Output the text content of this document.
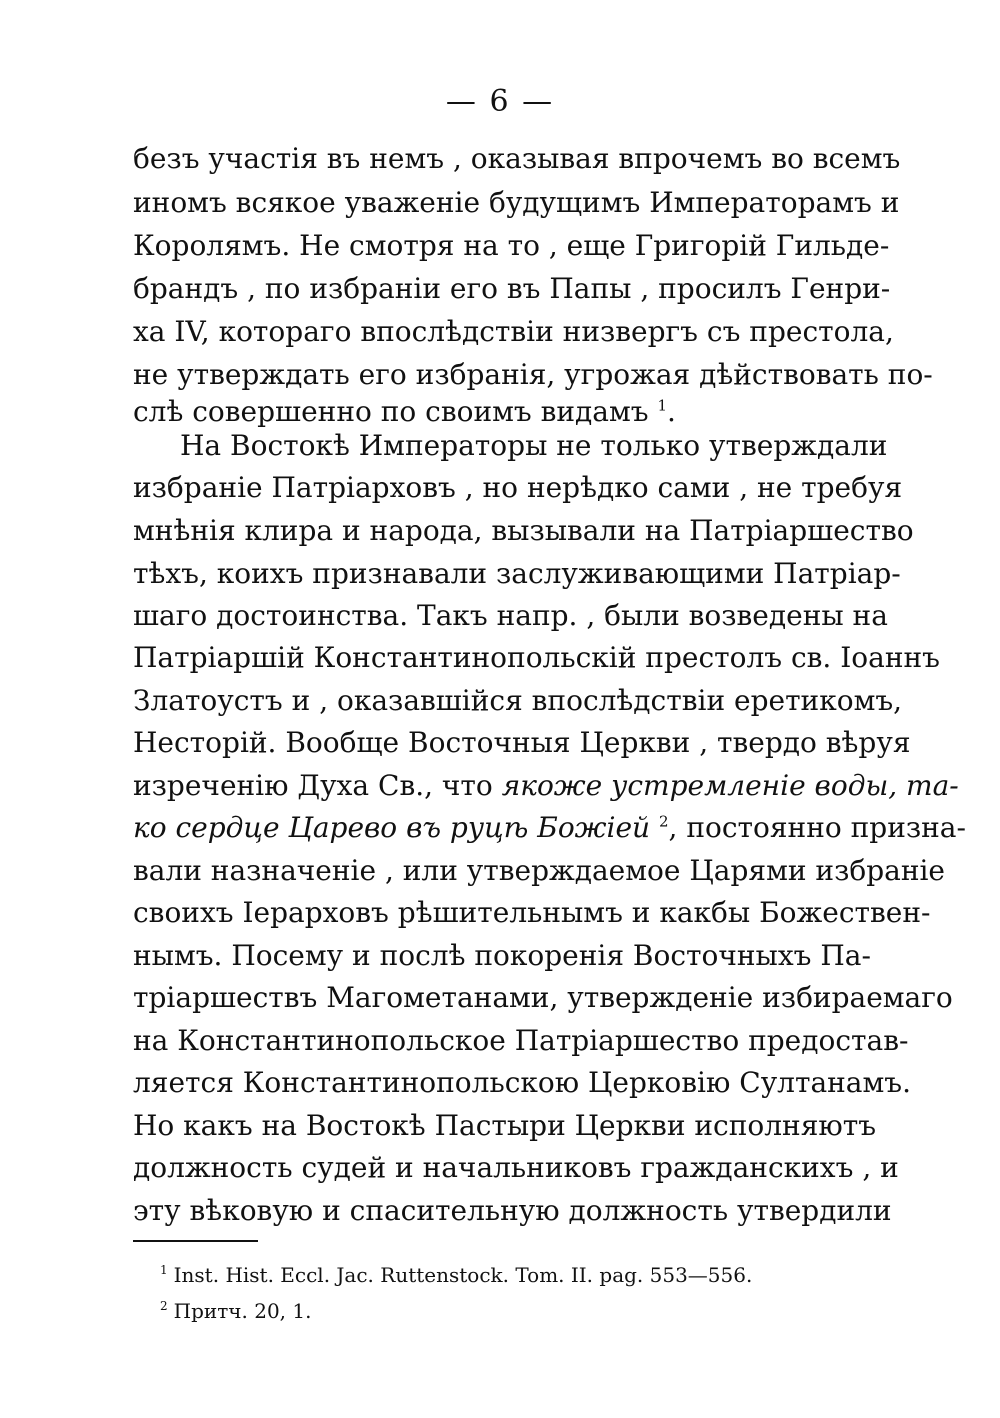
— 6 —
безъ участія въ немъ , оказывая впрочемъ во всемъ
иномъ всякое уваженіе будущимъ Императорамъ и
Королямъ. Не смотря на то , еще Григорій Гильде-
брандъ , по избраніи его въ Папы , просилъ Генри-
ха IV, котораго впослѣдствіи низвергъ съ престола,
не утверждать его избранія, угрожая дѣйствовать по-
слѣ совершенно по своимъ видамъ $^1$.
На Востокѣ Императоры не только утверждали
избраніе Патріарховъ , но нерѣдко сами , не требуя
мнѣнія клира и народа, вызывали на Патріаршество
тѣхъ, коихъ признавали заслуживающими Патріар-
шаго достоинства. Такъ напр. , были возведены на
Патріаршій Константинопольскій престолъ св. Іоаннъ
Златоустъ и , оказавшійся впослѣдствіи еретикомъ,
Несторій. Вообще Восточныя Церкви , твердо вѣруя
изреченію Духа Св., что якоже устремленіе воды, та-
ко сердце Царево въ руцѣ Божіей $^2$, постоянно призна-
вали назначеніе , или утверждаемое Царями избраніе
своихъ Іерарховъ рѣшительнымъ и какбы Божествен-
нымъ. Посему и послѣ покоренія Восточныхъ Па-
тріаршествъ Магометанами, утвержденіе избираемаго
на Константинопольское Патріаршество предостав-
ляется Константинопольскою Церковію Султанамъ.
Но какъ на Востокѣ Пастыри Церкви исполняютъ
должность судей и начальниковъ гражданскихъ , и
эту вѣковую и спасительную должность утвердили
$^1$ Inst. Hist. Eccl. Jac. Ruttenstock. Tom. II. pag. 553—556.
$^2$ Притч. 20, 1.
